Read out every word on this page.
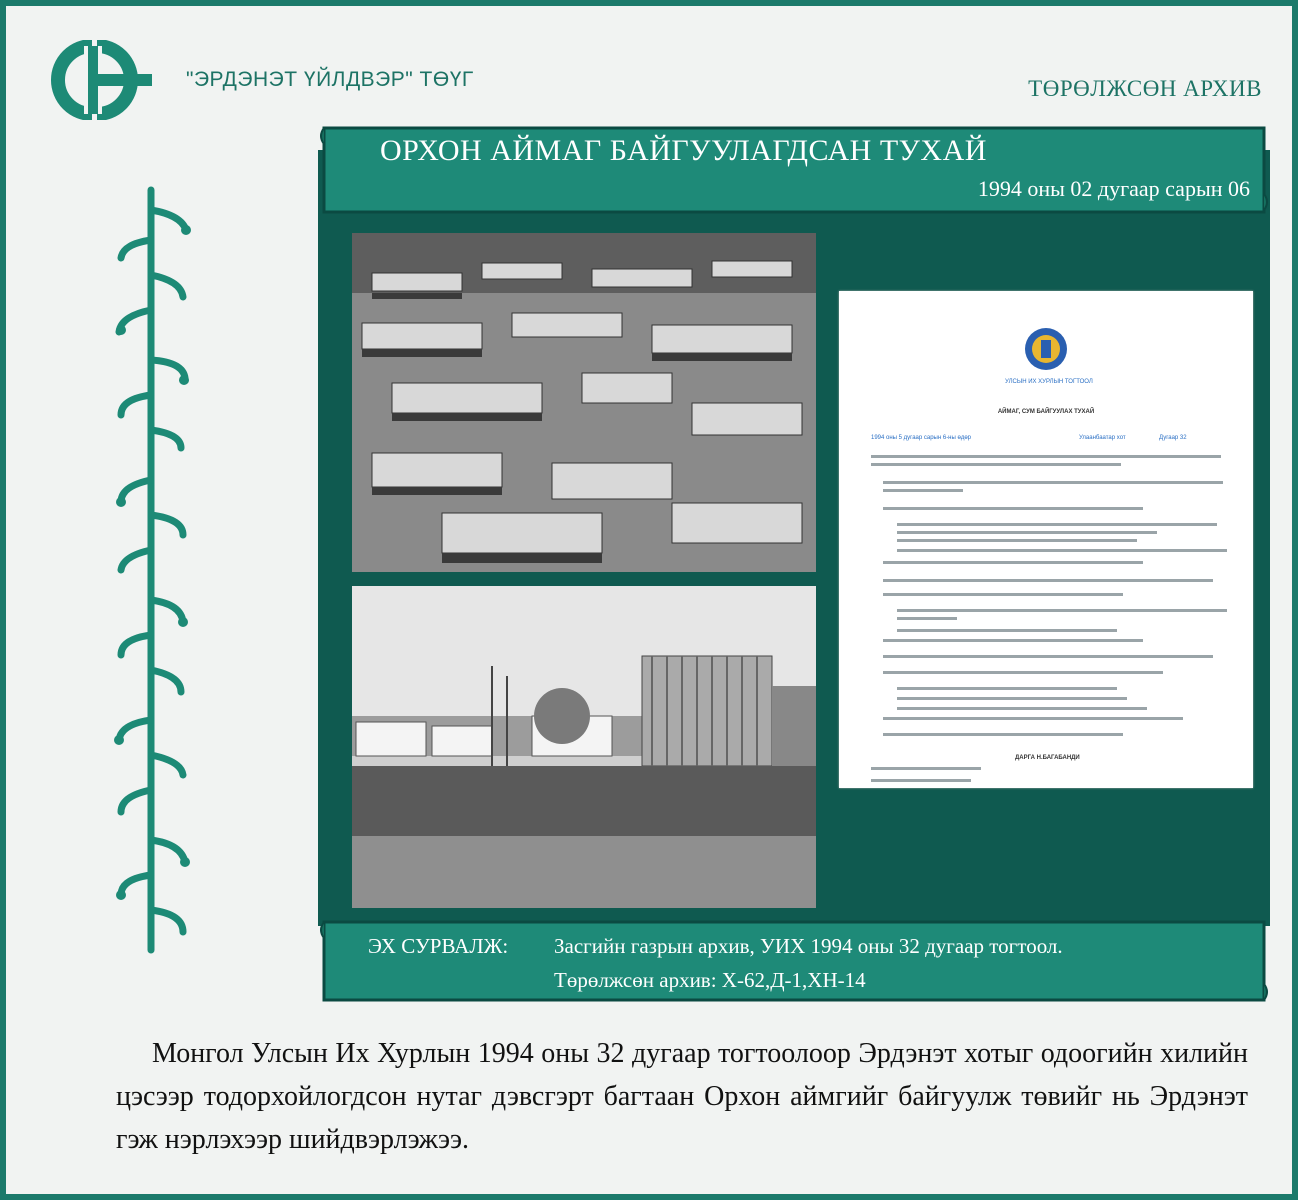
"ЭРДЭНЭТ ҮЙЛДВЭР" ТӨҮГ	ТӨРӨЛЖСӨН АРХИВ
ОРХОН АЙМАГ БАЙГУУЛАГДСАН ТУХАЙ
1994 оны 02 дугаар сарын 06
УЛСЫН ИХ ХУРЛЫН ТОГТООЛ
АЙМАГ, СУМ БАЙГУУЛАХ ТУХАЙ
1994 оны 5 дугаар сарын 6-ны өдөр	Улаанбаатар хот	Дугаар 32
ДАРГА Н.БАГАБАНДИ
ЭХ СУРВАЛЖ: Засгийн газрын архив, УИХ 1994 оны 32 дугаар тогтоол.
Төрөлжсөн архив: Х-62,Д-1,ХН-14
Монгол Улсын Их Хурлын 1994 оны 32 дугаар тогтоолоор Эрдэнэт хотыг одоогийн хилийн цэсээр тодорхойлогдсон нутаг дэвсгэрт багтаан Орхон аймгийг байгуулж төвийг нь Эрдэнэт гэж нэрлэхээр шийдвэрлэжээ.
